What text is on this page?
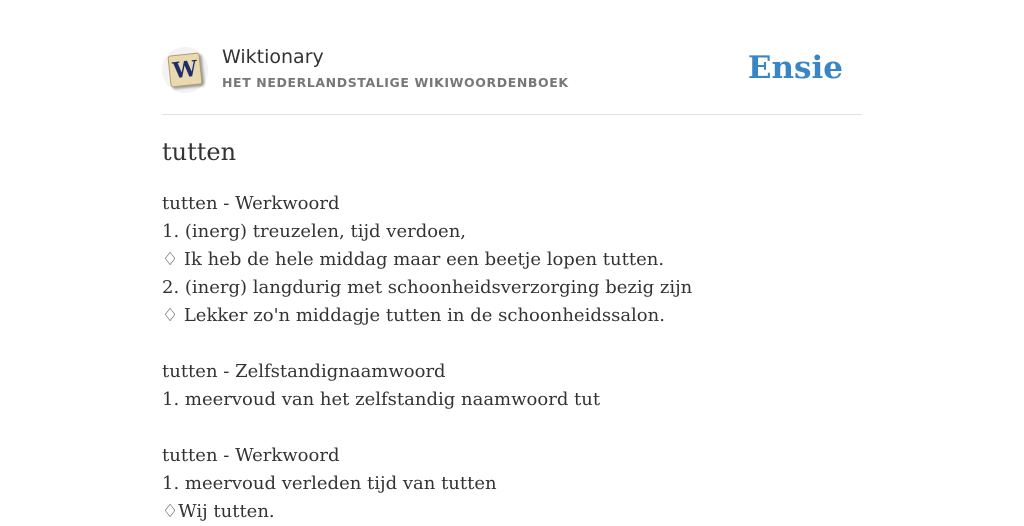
W Wiktionary
HET NEDERLANDSTALIGE WIKIWOORDENBOEK	Ensie
tutten
tutten - Werkwoord
1. (inerg) treuzelen, tijd verdoen,
♢ Ik heb de hele middag maar een beetje lopen tutten.
2. (inerg) langdurig met schoonheidsverzorging bezig zijn
♢ Lekker zo'n middagje tutten in de schoonheidssalon.
tutten - Zelfstandignaamwoord
1. meervoud van het zelfstandig naamwoord tut
tutten - Werkwoord
1. meervoud verleden tijd van tutten
♢Wij tutten.
